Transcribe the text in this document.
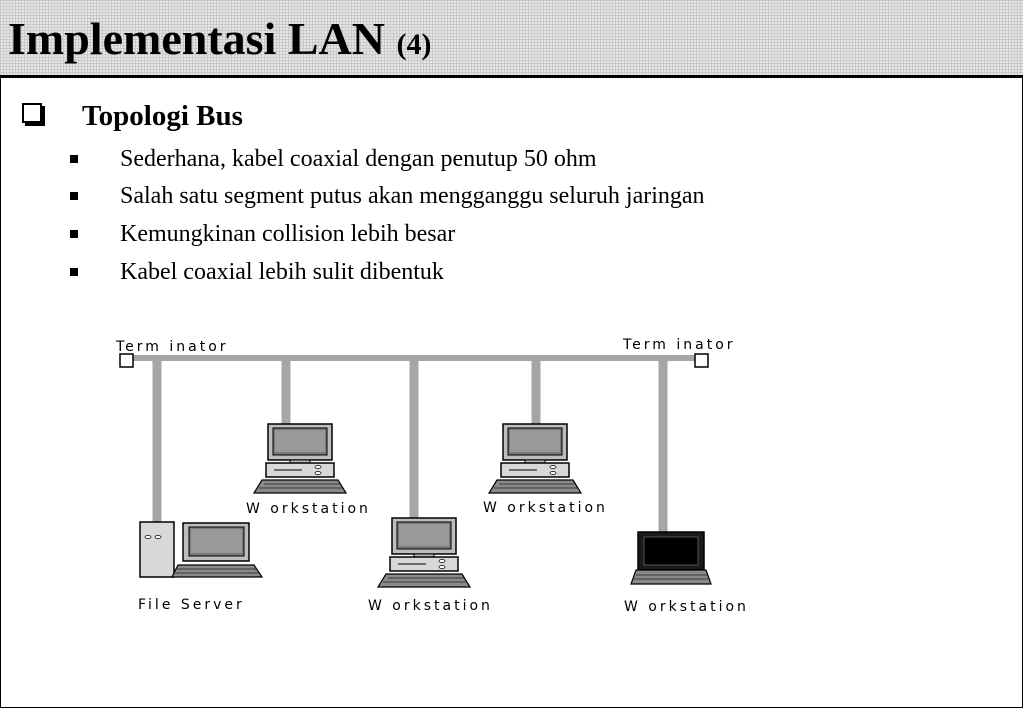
Implementasi LAN (4)
Topologi Bus
Sederhana, kabel coaxial dengan penutup 50 ohm
Salah satu segment putus akan mengganggu seluruh jaringan
Kemungkinan collision lebih besar
Kabel coaxial lebih sulit dibentuk
Term inator	Term inator
File Server
W orkstation
W orkstation
W orkstation
W orkstation
